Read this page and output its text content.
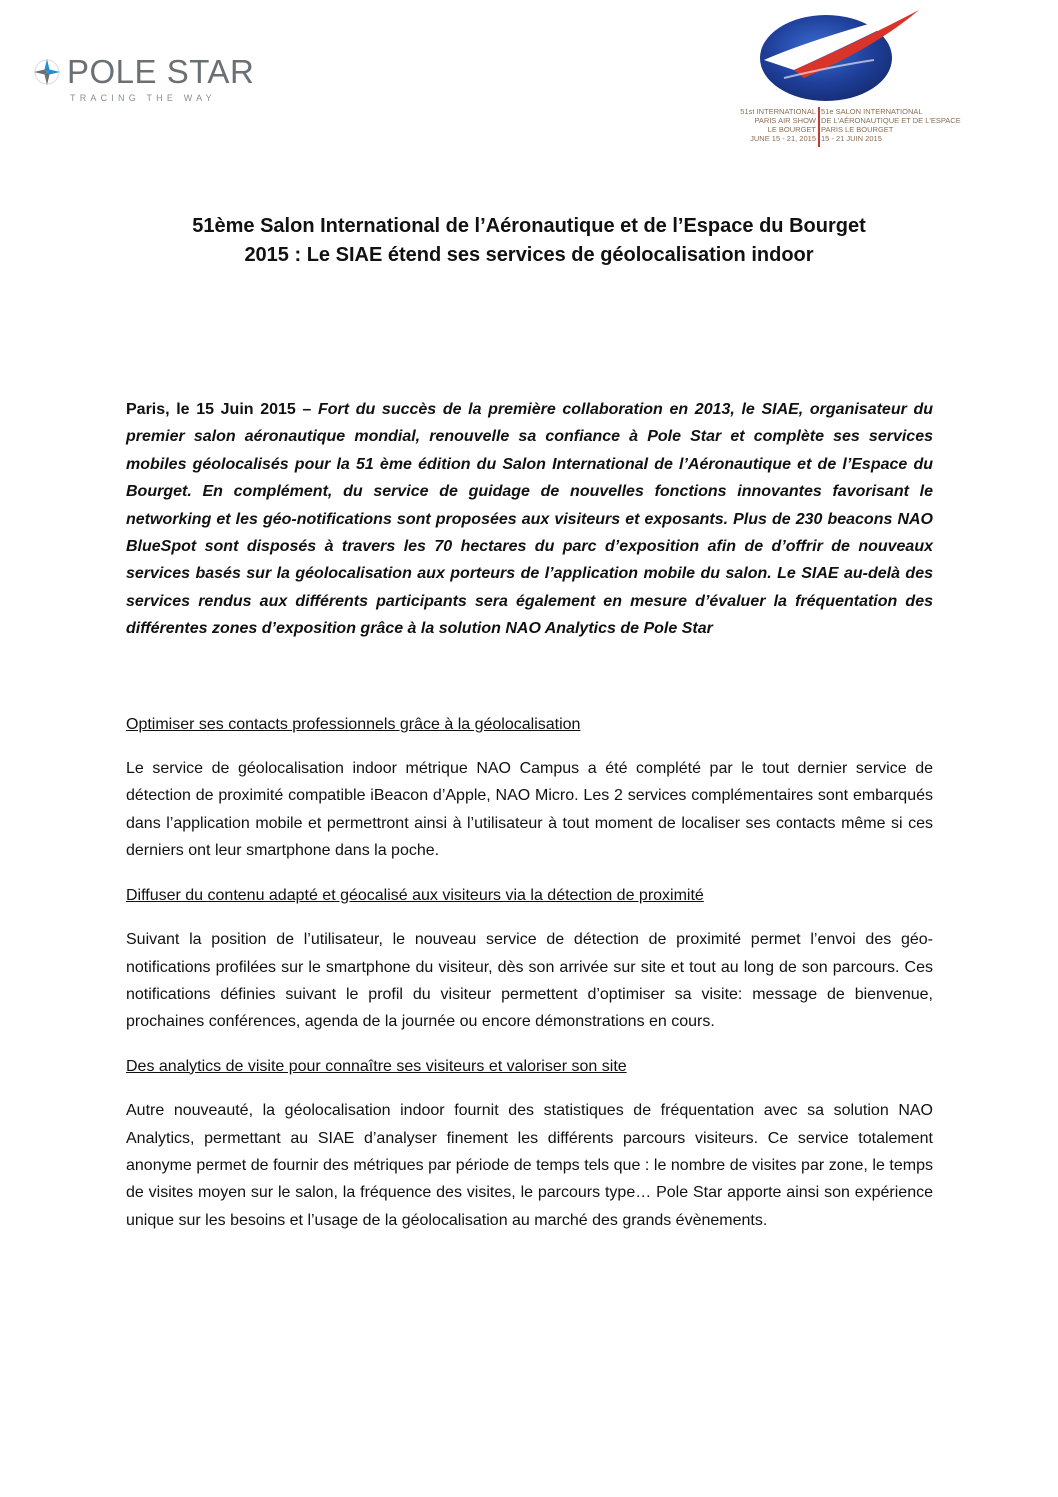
POLE STAR
TRACING THE WAY
51st INTERNATIONAL
PARIS AIR SHOW
LE BOURGET
JUNE 15 - 21, 2015
51e SALON INTERNATIONAL
DE L'AÉRONAUTIQUE ET DE L'ESPACE
PARIS LE BOURGET
15 - 21 JUIN 2015
51ème Salon International de l’Aéronautique et de l’Espace du Bourget
2015 : Le SIAE étend ses services de géolocalisation indoor

Paris, le 15 Juin 2015 – Fort du succès de la première collaboration en 2013, le SIAE, organisateur du premier salon aéronautique mondial, renouvelle sa confiance à Pole Star et complète ses services mobiles géolocalisés pour la 51 ème édition du Salon International de l’Aéronautique et de l’Espace du Bourget. En complément, du service de guidage de nouvelles fonctions innovantes favorisant le networking et les géo-notifications sont proposées aux visiteurs et exposants. Plus de 230 beacons NAO BlueSpot sont disposés à travers les 70 hectares du parc d’exposition afin de d’offrir de nouveaux services basés sur la géolocalisation aux porteurs de l’application mobile du salon. Le SIAE au-delà des services rendus aux différents participants sera également en mesure d’évaluer la fréquentation des différentes zones d’exposition grâce à la solution NAO Analytics de Pole Star

Optimiser ses contacts professionnels grâce à la géolocalisation

Le service de géolocalisation indoor métrique NAO Campus a été complété par le tout dernier service de détection de proximité compatible iBeacon d’Apple, NAO Micro. Les 2 services complémentaires sont embarqués dans l’application mobile et permettront ainsi à l’utilisateur à tout moment de localiser ses contacts même si ces derniers ont leur smartphone dans la poche.

Diffuser du contenu adapté et géocalisé aux visiteurs via la détection de proximité

Suivant la position de l’utilisateur, le nouveau service de détection de proximité permet l’envoi des géo-notifications profilées sur le smartphone du visiteur, dès son arrivée sur site et tout au long de son parcours. Ces notifications définies suivant le profil du visiteur permettent d’optimiser sa visite: message de bienvenue, prochaines conférences, agenda de la journée ou encore démonstrations en cours.

Des analytics de visite pour connaître ses visiteurs et valoriser son site

Autre nouveauté, la géolocalisation indoor fournit des statistiques de fréquentation avec sa solution NAO Analytics, permettant au SIAE d’analyser finement les différents parcours visiteurs. Ce service totalement anonyme permet de fournir des métriques par période de temps tels que : le nombre de visites par zone, le temps de visites moyen sur le salon, la fréquence des visites, le parcours type… Pole Star apporte ainsi son expérience unique sur les besoins et l’usage de la géolocalisation au marché des grands évènements.
